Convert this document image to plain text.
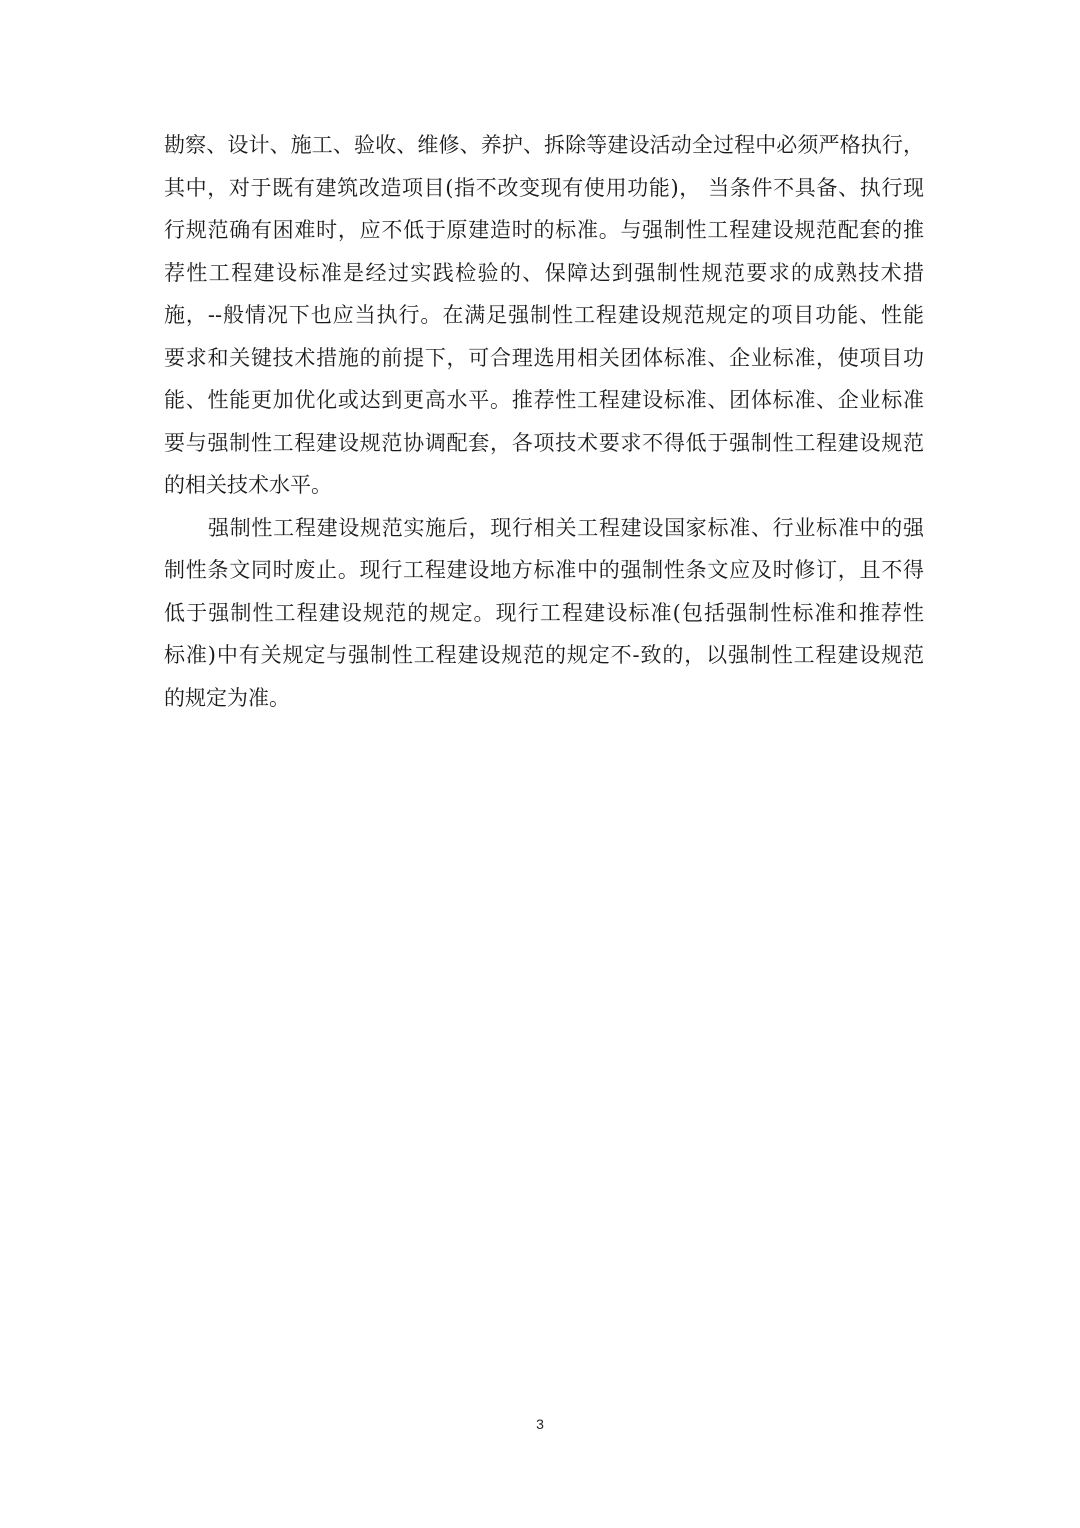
勘察、设计、施工、验收、维修、养护、拆除等建设活动全过程中必须严格执行，
其中，对于既有建筑改造项目(指不改变现有使用功能)， 当条件不具备、执行现
行规范确有困难时，应不低于原建造时的标准。与强制性工程建设规范配套的推
荐性工程建设标准是经过实践检验的、保障达到强制性规范要求的成熟技术措
施，--般情况下也应当执行。在满足强制性工程建设规范规定的项目功能、性能
要求和关键技术措施的前提下，可合理选用相关团体标准、企业标准，使项目功
能、性能更加优化或达到更高水平。推荐性工程建设标准、团体标准、企业标准
要与强制性工程建设规范协调配套，各项技术要求不得低于强制性工程建设规范
的相关技术水平。
强制性工程建设规范实施后，现行相关工程建设国家标准、行业标准中的强
制性条文同时废止。现行工程建设地方标准中的强制性条文应及时修订，且不得
低于强制性工程建设规范的规定。现行工程建设标准(包括强制性标准和推荐性
标准)中有关规定与强制性工程建设规范的规定不-致的，以强制性工程建设规范
的规定为准。
3
